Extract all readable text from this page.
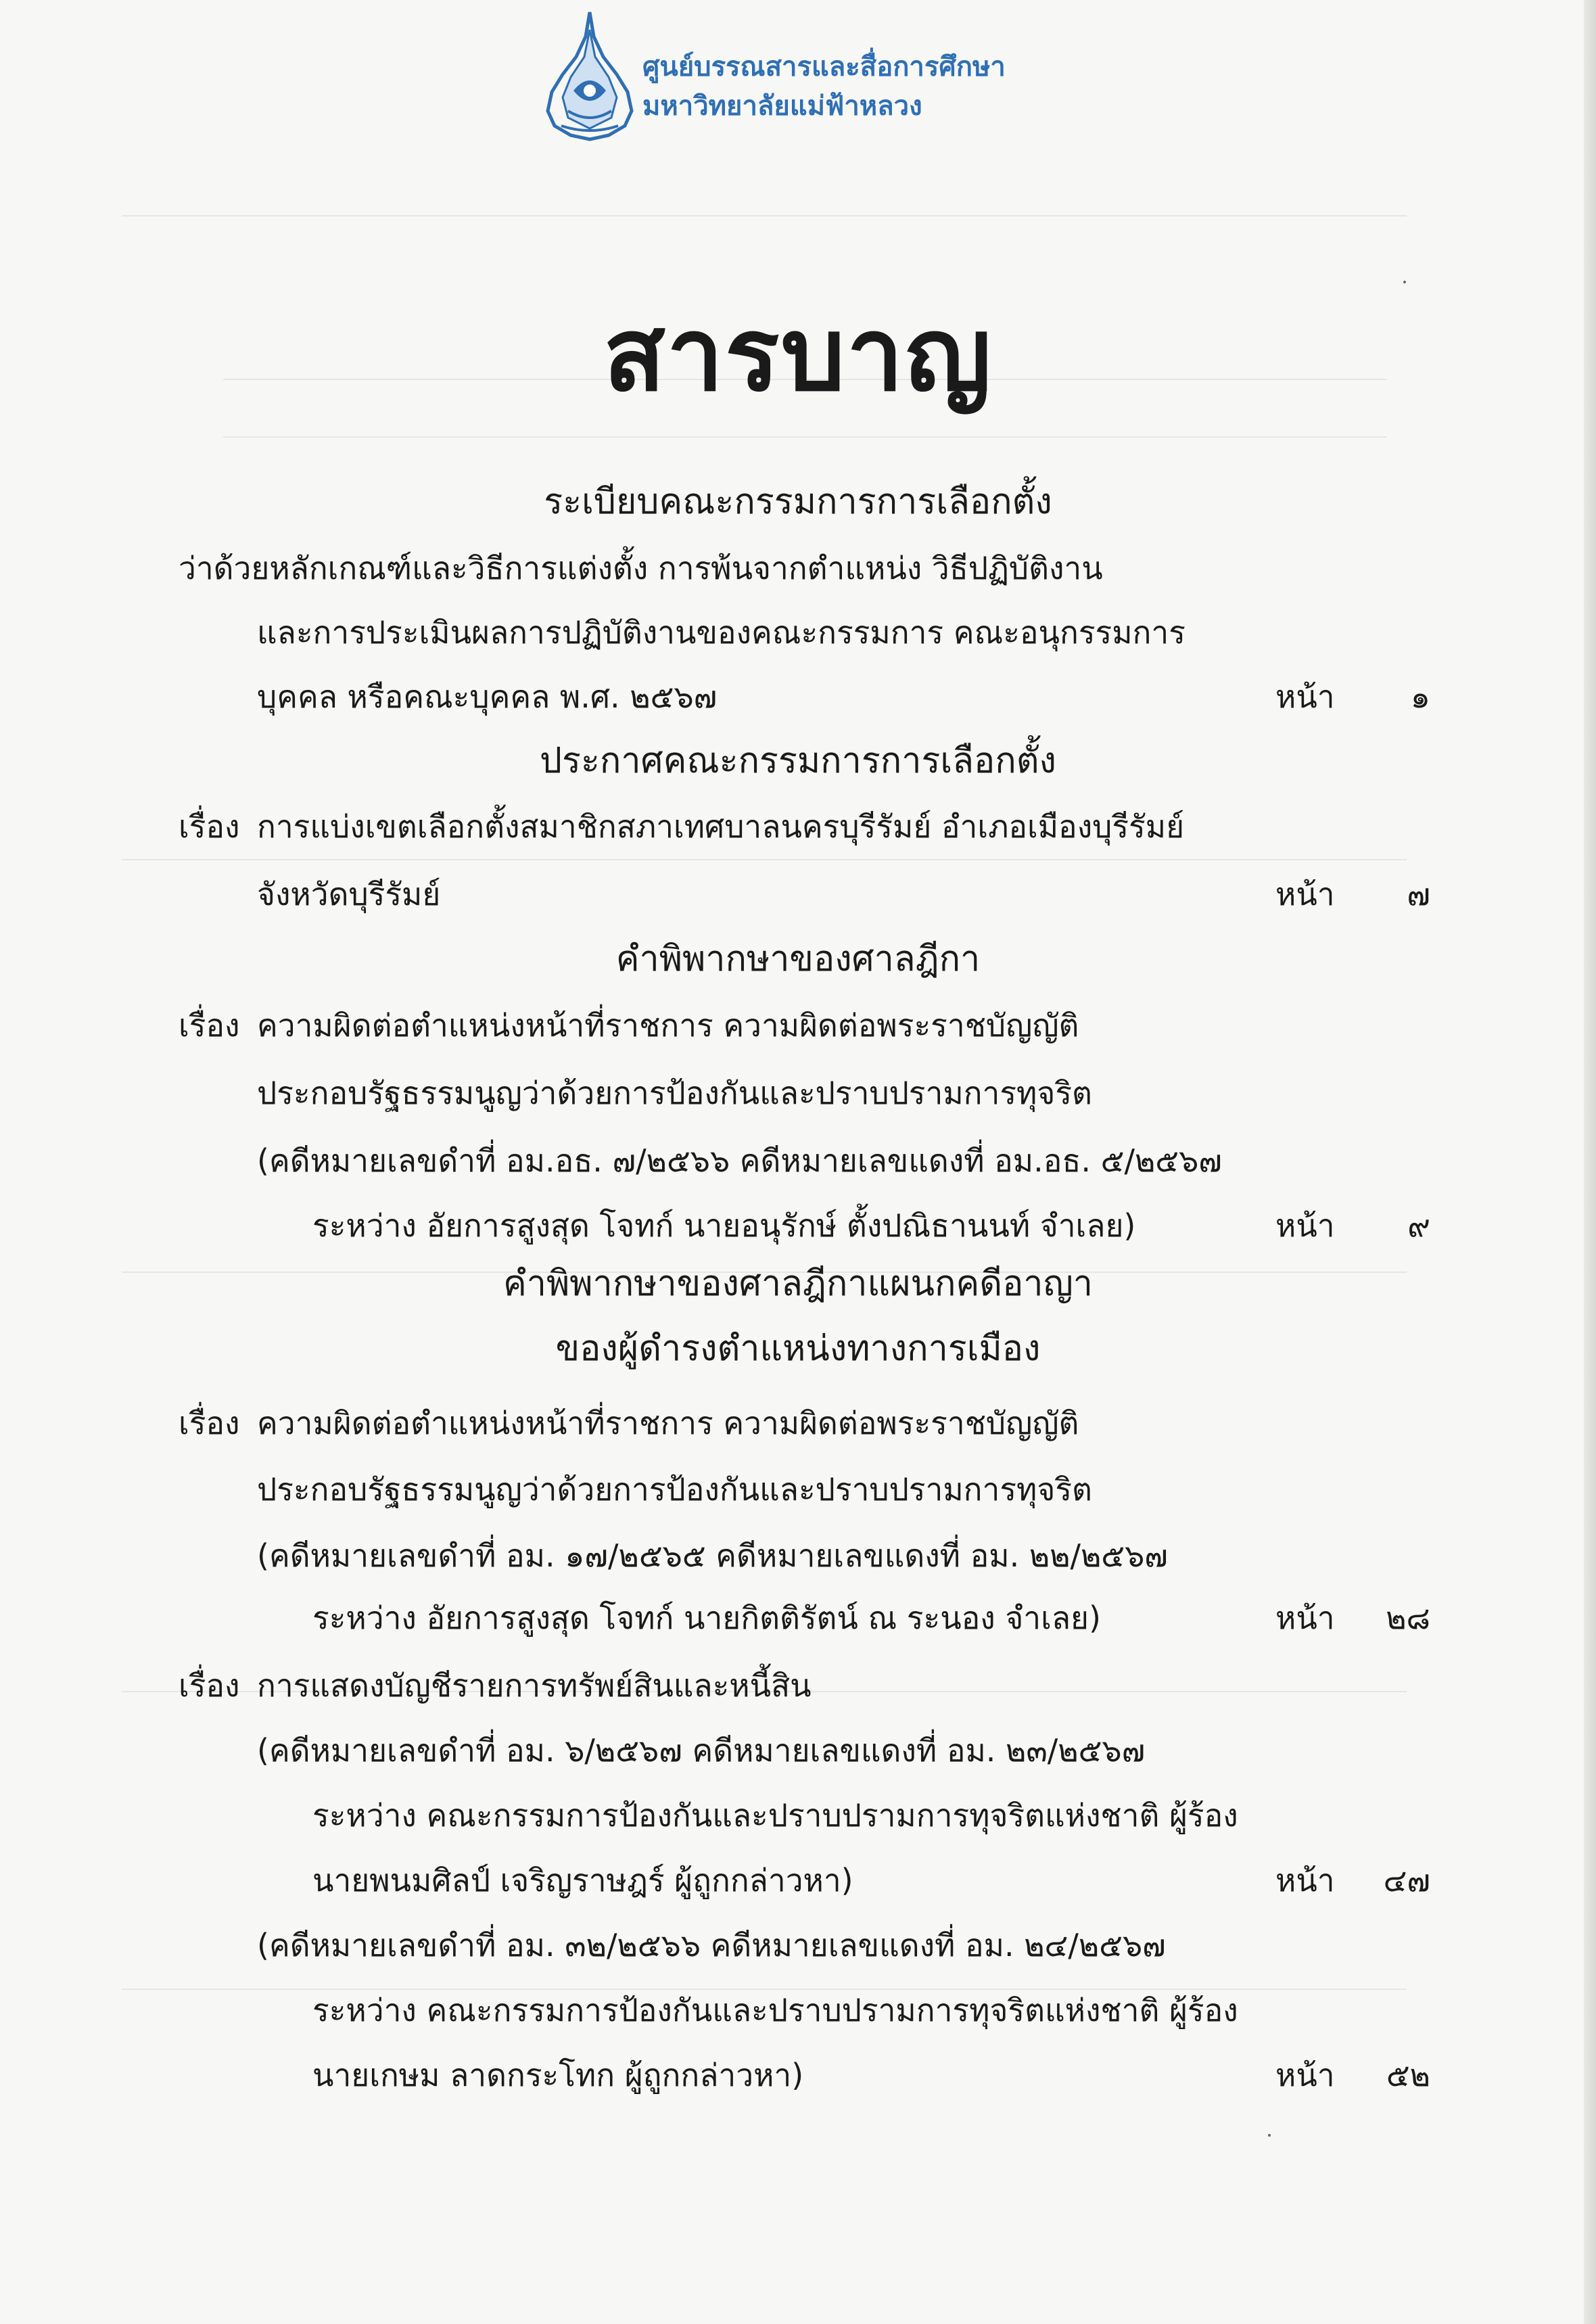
ศูนย์บรรณสารและสื่อการศึกษา
มหาวิทยาลัยแม่ฟ้าหลวง
สารบาญ
ระเบียบคณะกรรมการการเลือกตั้ง
ว่าด้วยหลักเกณฑ์และวิธีการแต่งตั้ง การพ้นจากตำแหน่ง วิธีปฏิบัติงาน
และการประเมินผลการปฏิบัติงานของคณะกรรมการ คณะอนุกรรมการ
บุคคล หรือคณะบุคคล พ.ศ. ๒๕๖๗	หน้า	๑
ประกาศคณะกรรมการการเลือกตั้ง
เรื่อง การแบ่งเขตเลือกตั้งสมาชิกสภาเทศบาลนครบุรีรัมย์ อำเภอเมืองบุรีรัมย์
จังหวัดบุรีรัมย์	หน้า	๗
คำพิพากษาของศาลฎีกา
เรื่อง ความผิดต่อตำแหน่งหน้าที่ราชการ ความผิดต่อพระราชบัญญัติ
ประกอบรัฐธรรมนูญว่าด้วยการป้องกันและปราบปรามการทุจริต
(คดีหมายเลขดำที่ อม.อธ. ๗/๒๕๖๖ คดีหมายเลขแดงที่ อม.อธ. ๕/๒๕๖๗
ระหว่าง อัยการสูงสุด โจทก์ นายอนุรักษ์ ตั้งปณิธานนท์ จำเลย)	หน้า	๙
คำพิพากษาของศาลฎีกาแผนกคดีอาญา
ของผู้ดำรงตำแหน่งทางการเมือง
เรื่อง ความผิดต่อตำแหน่งหน้าที่ราชการ ความผิดต่อพระราชบัญญัติ
ประกอบรัฐธรรมนูญว่าด้วยการป้องกันและปราบปรามการทุจริต
(คดีหมายเลขดำที่ อม. ๑๗/๒๕๖๕ คดีหมายเลขแดงที่ อม. ๒๒/๒๕๖๗
ระหว่าง อัยการสูงสุด โจทก์ นายกิตติรัตน์ ณ ระนอง จำเลย)	หน้า	๒๘
เรื่อง การแสดงบัญชีรายการทรัพย์สินและหนี้สิน
(คดีหมายเลขดำที่ อม. ๖/๒๕๖๗ คดีหมายเลขแดงที่ อม. ๒๓/๒๕๖๗
ระหว่าง คณะกรรมการป้องกันและปราบปรามการทุจริตแห่งชาติ ผู้ร้อง
นายพนมศิลป์ เจริญราษฎร์ ผู้ถูกกล่าวหา)	หน้า	๔๗
(คดีหมายเลขดำที่ อม. ๓๒/๒๕๖๖ คดีหมายเลขแดงที่ อม. ๒๔/๒๕๖๗
ระหว่าง คณะกรรมการป้องกันและปราบปรามการทุจริตแห่งชาติ ผู้ร้อง
นายเกษม ลาดกระโทก ผู้ถูกกล่าวหา)	หน้า	๕๒
